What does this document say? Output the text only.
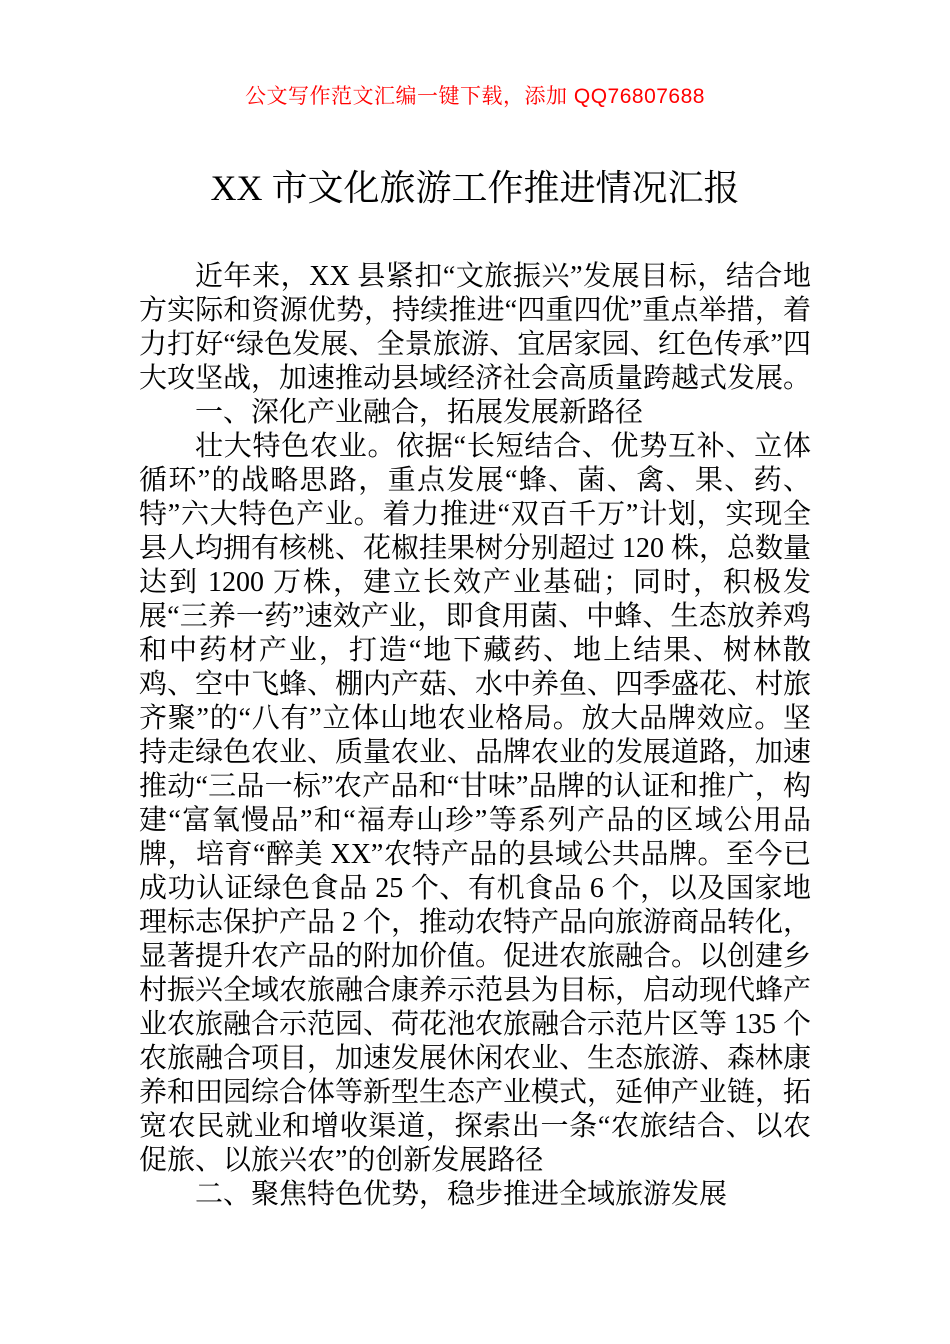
公文写作范文汇编一键下载，添加 QQ76807688

XX 市文化旅游工作推进情况汇报

近年来，XX 县紧扣“文旅振兴”发展目标，结合地方实际和资源优势，持续推进“四重四优”重点举措，着力打好“绿色发展、全景旅游、宜居家园、红色传承”四大攻坚战，加速推动县域经济社会高质量跨越式发展。

一、深化产业融合，拓展发展新路径

壮大特色农业。依据“长短结合、优势互补、立体循环”的战略思路，重点发展“蜂、菌、禽、果、药、特”六大特色产业。着力推进“双百千万”计划，实现全县人均拥有核桃、花椒挂果树分别超过 120 株，总数量达到 1200 万株，建立长效产业基础；同时，积极发展“三养一药”速效产业，即食用菌、中蜂、生态放养鸡和中药材产业，打造“地下藏药、地上结果、树林散鸡、空中飞蜂、棚内产菇、水中养鱼、四季盛花、村旅齐聚”的“八有”立体山地农业格局。放大品牌效应。坚持走绿色农业、质量农业、品牌农业的发展道路，加速推动“三品一标”农产品和“甘味”品牌的认证和推广，构建“富氧慢品”和“福寿山珍”等系列产品的区域公用品牌，培育“醉美 XX”农特产品的县域公共品牌。至今已成功认证绿色食品 25 个、有机食品 6 个，以及国家地理标志保护产品 2 个，推动农特产品向旅游商品转化，显著提升农产品的附加价值。促进农旅融合。以创建乡村振兴全域农旅融合康养示范县为目标，启动现代蜂产业农旅融合示范园、荷花池农旅融合示范片区等 135 个农旅融合项目，加速发展休闲农业、生态旅游、森林康养和田园综合体等新型生态产业模式，延伸产业链，拓宽农民就业和增收渠道，探索出一条“农旅结合、以农促旅、以旅兴农”的创新发展路径

二、聚焦特色优势，稳步推进全域旅游发展
